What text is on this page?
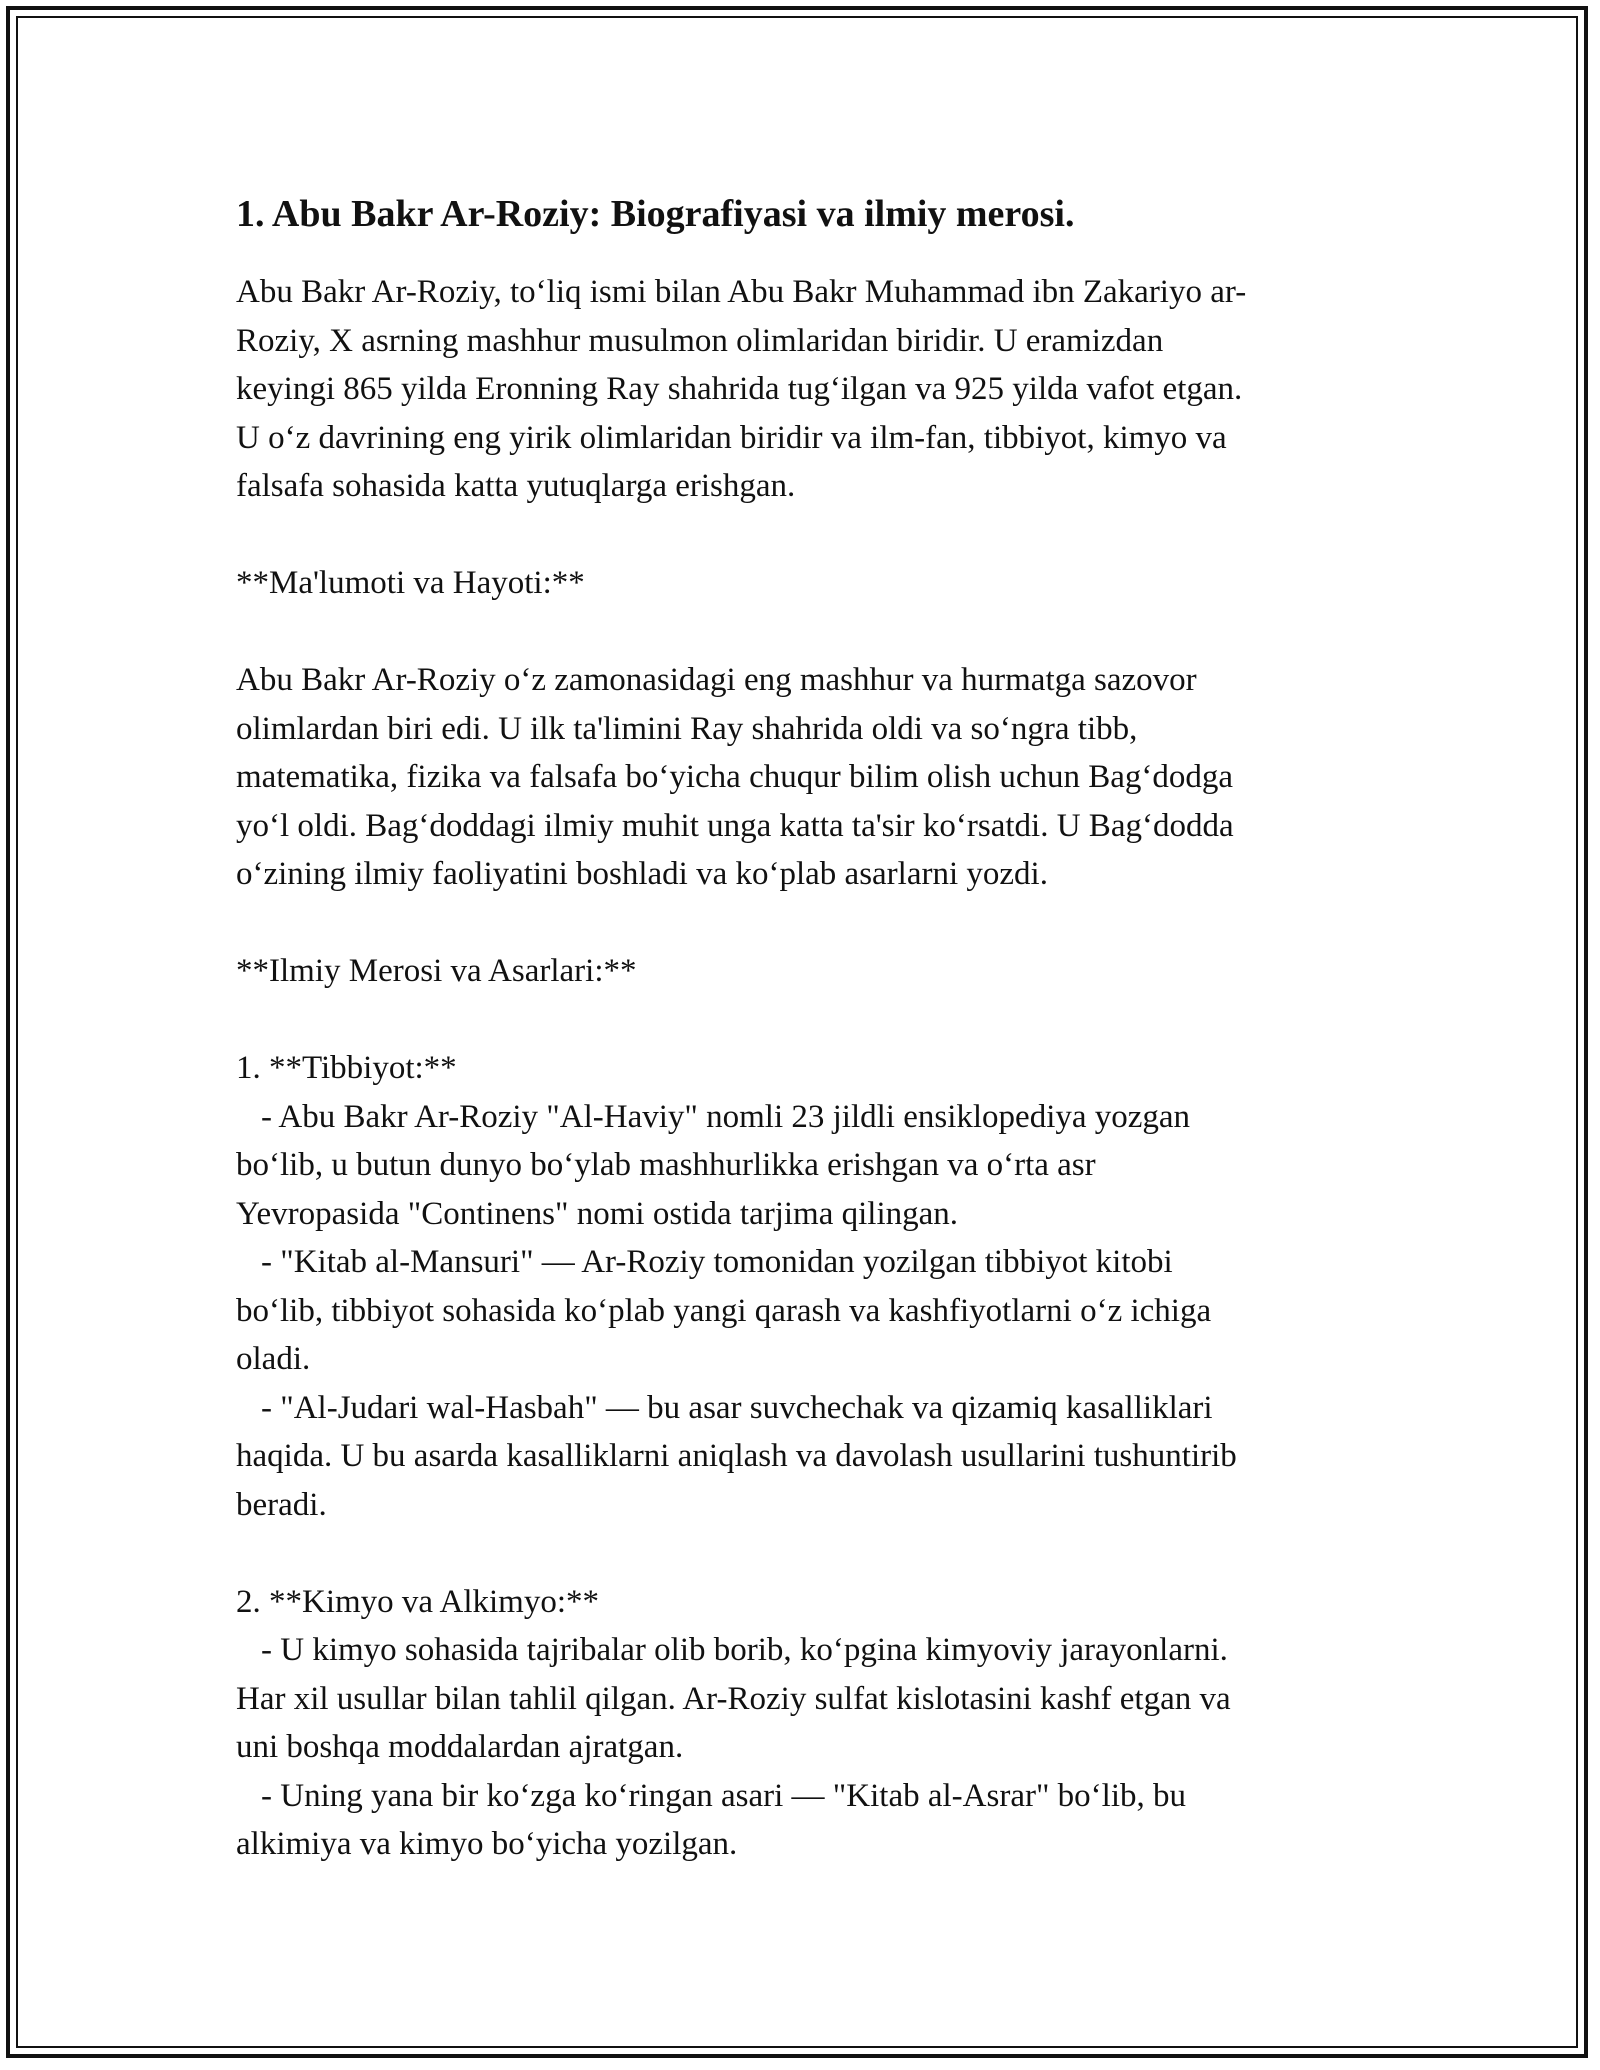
1. Abu Bakr Ar-Roziy: Biografiyasi va ilmiy merosi.

Abu Bakr Ar-Roziy, to‘liq ismi bilan Abu Bakr Muhammad ibn Zakariyo ar-

Roziy, X asrning mashhur musulmon olimlaridan biridir. U eramizdan

keyingi 865 yilda Eronning Ray shahrida tug‘ilgan va 925 yilda vafot etgan.

U o‘z davrining eng yirik olimlaridan biridir va ilm-fan, tibbiyot, kimyo va

falsafa sohasida katta yutuqlarga erishgan.

**Ma'lumoti va Hayoti:**

Abu Bakr Ar-Roziy o‘z zamonasidagi eng mashhur va hurmatga sazovor

olimlardan biri edi. U ilk ta'limini Ray shahrida oldi va so‘ngra tibb,

matematika, fizika va falsafa bo‘yicha chuqur bilim olish uchun Bag‘dodga

yo‘l oldi. Bag‘doddagi ilmiy muhit unga katta ta'sir ko‘rsatdi. U Bag‘dodda

o‘zining ilmiy faoliyatini boshladi va ko‘plab asarlarni yozdi.

**Ilmiy Merosi va Asarlari:**

1. **Tibbiyot:**

- Abu Bakr Ar-Roziy "Al-Haviy" nomli 23 jildli ensiklopediya yozgan

bo‘lib, u butun dunyo bo‘ylab mashhurlikka erishgan va o‘rta asr

Yevropasida "Continens" nomi ostida tarjima qilingan.

- "Kitab al-Mansuri" — Ar-Roziy tomonidan yozilgan tibbiyot kitobi

bo‘lib, tibbiyot sohasida ko‘plab yangi qarash va kashfiyotlarni o‘z ichiga

oladi.

- "Al-Judari wal-Hasbah" — bu asar suvchechak va qizamiq kasalliklari

haqida. U bu asarda kasalliklarni aniqlash va davolash usullarini tushuntirib

beradi.

2. **Kimyo va Alkimyo:**

- U kimyo sohasida tajribalar olib borib, ko‘pgina kimyoviy jarayonlarni.

Har xil usullar bilan tahlil qilgan. Ar-Roziy sulfat kislotasini kashf etgan va

uni boshqa moddalardan ajratgan.

- Uning yana bir ko‘zga ko‘ringan asari — "Kitab al-Asrar" bo‘lib, bu

alkimiya va kimyo bo‘yicha yozilgan.
